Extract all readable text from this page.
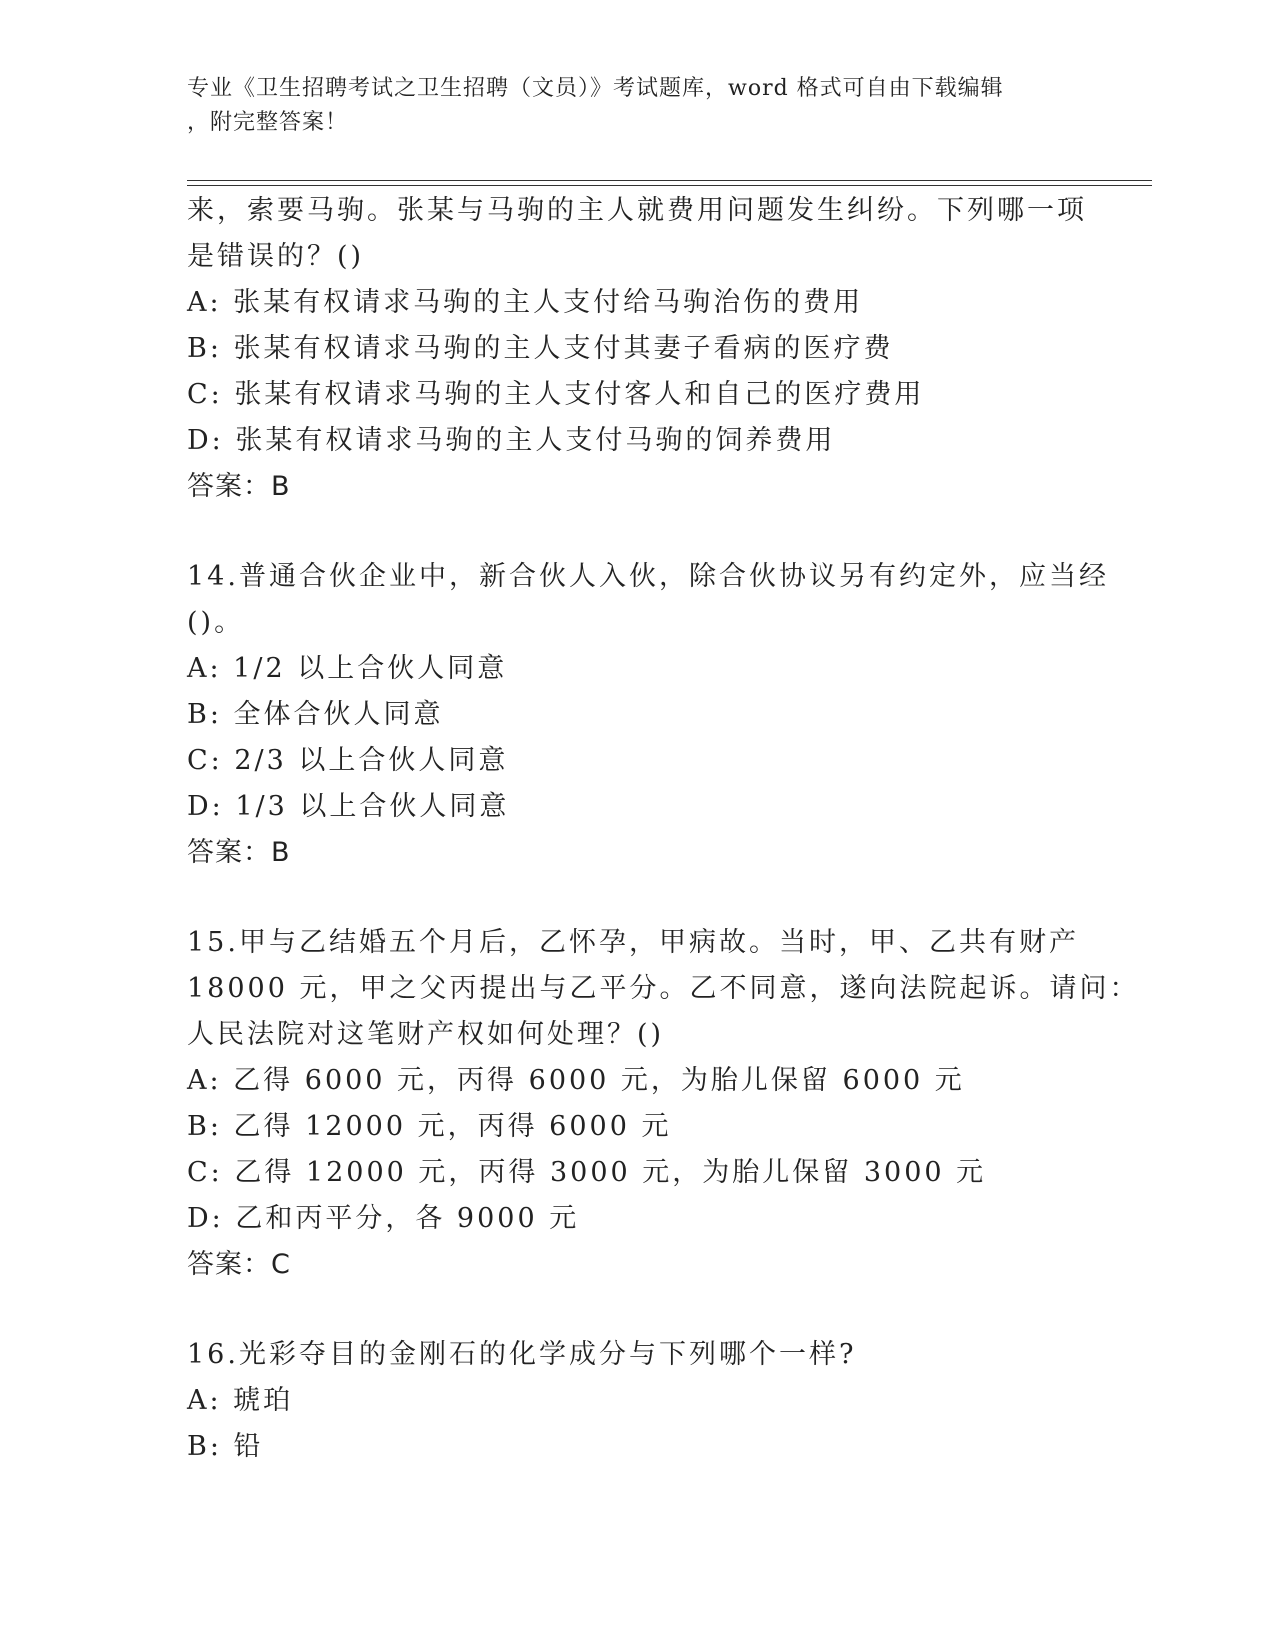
专业《卫生招聘考试之卫生招聘（文员）》考试题库，word 格式可自由下载编辑
，附完整答案！
来，索要马驹。张某与马驹的主人就费用问题发生纠纷。下列哪一项
是错误的？()
A: 张某有权请求马驹的主人支付给马驹治伤的费用
B: 张某有权请求马驹的主人支付其妻子看病的医疗费
C: 张某有权请求马驹的主人支付客人和自己的医疗费用
D: 张某有权请求马驹的主人支付马驹的饲养费用
答案：B
14.普通合伙企业中，新合伙人入伙，除合伙协议另有约定外，应当经
()。
A: 1/2 以上合伙人同意
B: 全体合伙人同意
C: 2/3 以上合伙人同意
D: 1/3 以上合伙人同意
答案：B
15.甲与乙结婚五个月后，乙怀孕，甲病故。当时，甲、乙共有财产
18000 元，甲之父丙提出与乙平分。乙不同意，遂向法院起诉。请问：
人民法院对这笔财产权如何处理？()
A: 乙得 6000 元，丙得 6000 元，为胎儿保留 6000 元
B: 乙得 12000 元，丙得 6000 元
C: 乙得 12000 元，丙得 3000 元，为胎儿保留 3000 元
D: 乙和丙平分，各 9000 元
答案：C
16.光彩夺目的金刚石的化学成分与下列哪个一样?
A: 琥珀
B: 铅
